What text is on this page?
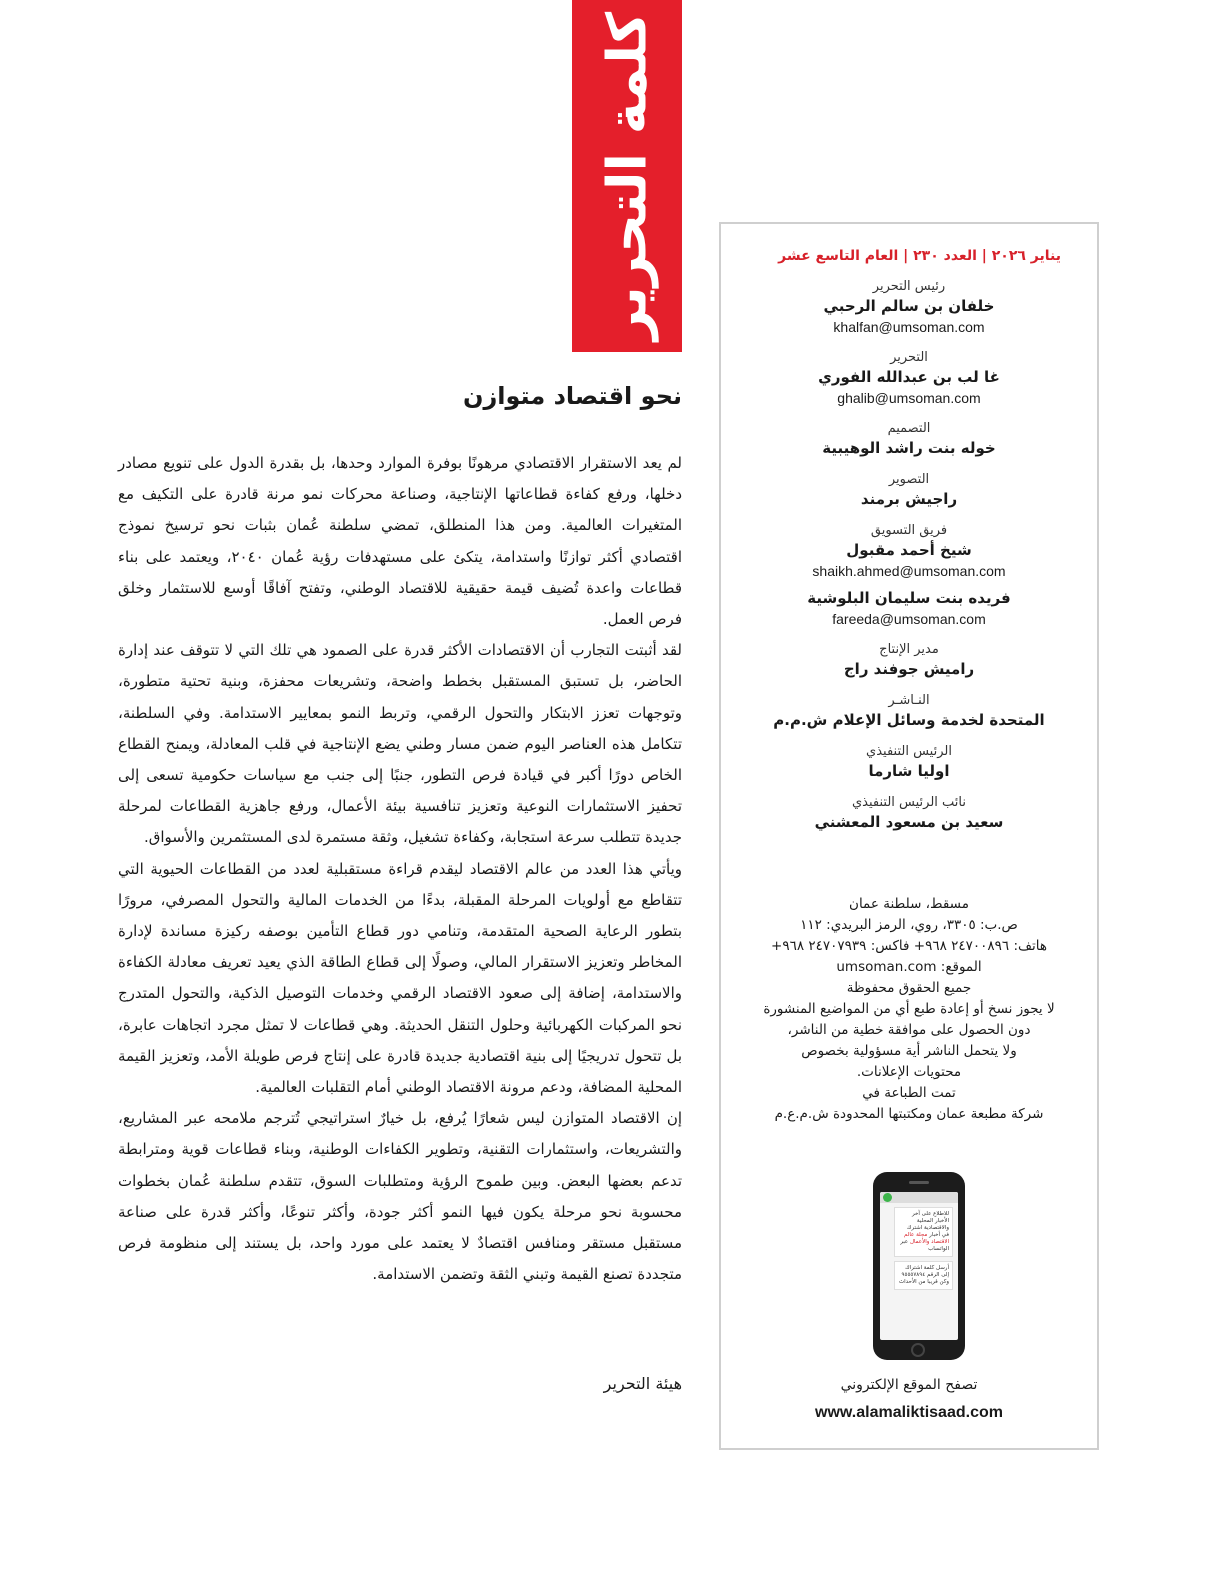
كلمة التحرير
نحو اقتصاد متوازن

لم يعد الاستقرار الاقتصادي مرهونًا بوفرة الموارد وحدها، بل بقدرة الدول على تنويع مصادر دخلها، ورفع كفاءة قطاعاتها الإنتاجية، وصناعة محركات نمو مرنة قادرة على التكيف مع المتغيرات العالمية. ومن هذا المنطلق، تمضي سلطنة عُمان بثبات نحو ترسيخ نموذج اقتصادي أكثر توازنًا واستدامة، يتكئ على مستهدفات رؤية عُمان ٢٠٤٠، ويعتمد على بناء قطاعات واعدة تُضيف قيمة حقيقية للاقتصاد الوطني، وتفتح آفاقًا أوسع للاستثمار وخلق فرص العمل.

لقد أثبتت التجارب أن الاقتصادات الأكثر قدرة على الصمود هي تلك التي لا تتوقف عند إدارة الحاضر، بل تستبق المستقبل بخطط واضحة، وتشريعات محفزة، وبنية تحتية متطورة، وتوجهات تعزز الابتكار والتحول الرقمي، وتربط النمو بمعايير الاستدامة. وفي السلطنة، تتكامل هذه العناصر اليوم ضمن مسار وطني يضع الإنتاجية في قلب المعادلة، ويمنح القطاع الخاص دورًا أكبر في قيادة فرص التطور، جنبًا إلى جنب مع سياسات حكومية تسعى إلى تحفيز الاستثمارات النوعية وتعزيز تنافسية بيئة الأعمال، ورفع جاهزية القطاعات لمرحلة جديدة تتطلب سرعة استجابة، وكفاءة تشغيل، وثقة مستمرة لدى المستثمرين والأسواق.

ويأتي هذا العدد من عالم الاقتصاد ليقدم قراءة مستقبلية لعدد من القطاعات الحيوية التي تتقاطع مع أولويات المرحلة المقبلة، بدءًا من الخدمات المالية والتحول المصرفي، مرورًا بتطور الرعاية الصحية المتقدمة، وتنامي دور قطاع التأمين بوصفه ركيزة مساندة لإدارة المخاطر وتعزيز الاستقرار المالي، وصولًا إلى قطاع الطاقة الذي يعيد تعريف معادلة الكفاءة والاستدامة، إضافة إلى صعود الاقتصاد الرقمي وخدمات التوصيل الذكية، والتحول المتدرج نحو المركبات الكهربائية وحلول التنقل الحديثة. وهي قطاعات لا تمثل مجرد اتجاهات عابرة، بل تتحول تدريجيًا إلى بنية اقتصادية جديدة قادرة على إنتاج فرص طويلة الأمد، وتعزيز القيمة المحلية المضافة، ودعم مرونة الاقتصاد الوطني أمام التقلبات العالمية.

إن الاقتصاد المتوازن ليس شعارًا يُرفع، بل خيارٌ استراتيجي تُترجم ملامحه عبر المشاريع، والتشريعات، واستثمارات التقنية، وتطوير الكفاءات الوطنية، وبناء قطاعات قوية ومترابطة تدعم بعضها البعض. وبين طموح الرؤية ومتطلبات السوق، تتقدم سلطنة عُمان بخطوات محسوبة نحو مرحلة يكون فيها النمو أكثر جودة، وأكثر تنوعًا، وأكثر قدرة على صناعة مستقبل مستقر ومنافس اقتصادٌ لا يعتمد على مورد واحد، بل يستند إلى منظومة فرص متجددة تصنع القيمة وتبني الثقة وتضمن الاستدامة.

هيئة التحرير
يناير ٢٠٢٦ | العدد ٢٣٠ | العام التاسع عشر
رئيس التحرير
خلفان بن سالم الرحبي
khalfan@umsoman.com
التحرير
غا لب بن عبدالله الفوري
ghalib@umsoman.com
التصميم
خوله بنت راشد الوهيبية
التصوير
راجيش برمند
فريق التسويق
شيخ أحمد مقبول
shaikh.ahmed@umsoman.com
فريده بنت سليمان البلوشية
fareeda@umsoman.com
مدير الإنتاج
راميش جوفند راج
النـاشـر
المتحدة لخدمة وسائل الإعلام ش.م.م
الرئيس التنفيذي
اوليا شارما
نائب الرئيس التنفيذي
سعيد بن مسعود المعشني
مسقط، سلطنة عمان
ص.ب: ٣٣٠٥، روي، الرمز البريدي: ١١٢
هاتف: ٢٤٧٠٠٨٩٦ ٩٦٨+ فاكس: ٢٤٧٠٧٩٣٩ ٩٦٨+
الموقع: umsoman.com
جميع الحقوق محفوظة
لا يجوز نسخ أو إعادة طبع أي من المواضيع المنشورة
دون الحصول على موافقة خطية من الناشر،
ولا يتحمل الناشر أية مسؤولية بخصوص
محتويات الإعلانات.
تمت الطباعة في
شركة مطبعة عمان ومكتبتها المحدودة ش.م.ع.م
للاطلاع على آخر الأخبار المحلية والاقتصادية اشترك في أخبار مجلة عالم الاقتصاد والأعمال عبر الواتساب
أرسل كلمة اشتراك إلى الرقم ٩٥٥٥٧٨٩٤ وكن قريبا من الأحداث
تصفح الموقع الإلكتروني
www.alamaliktisaad.com
